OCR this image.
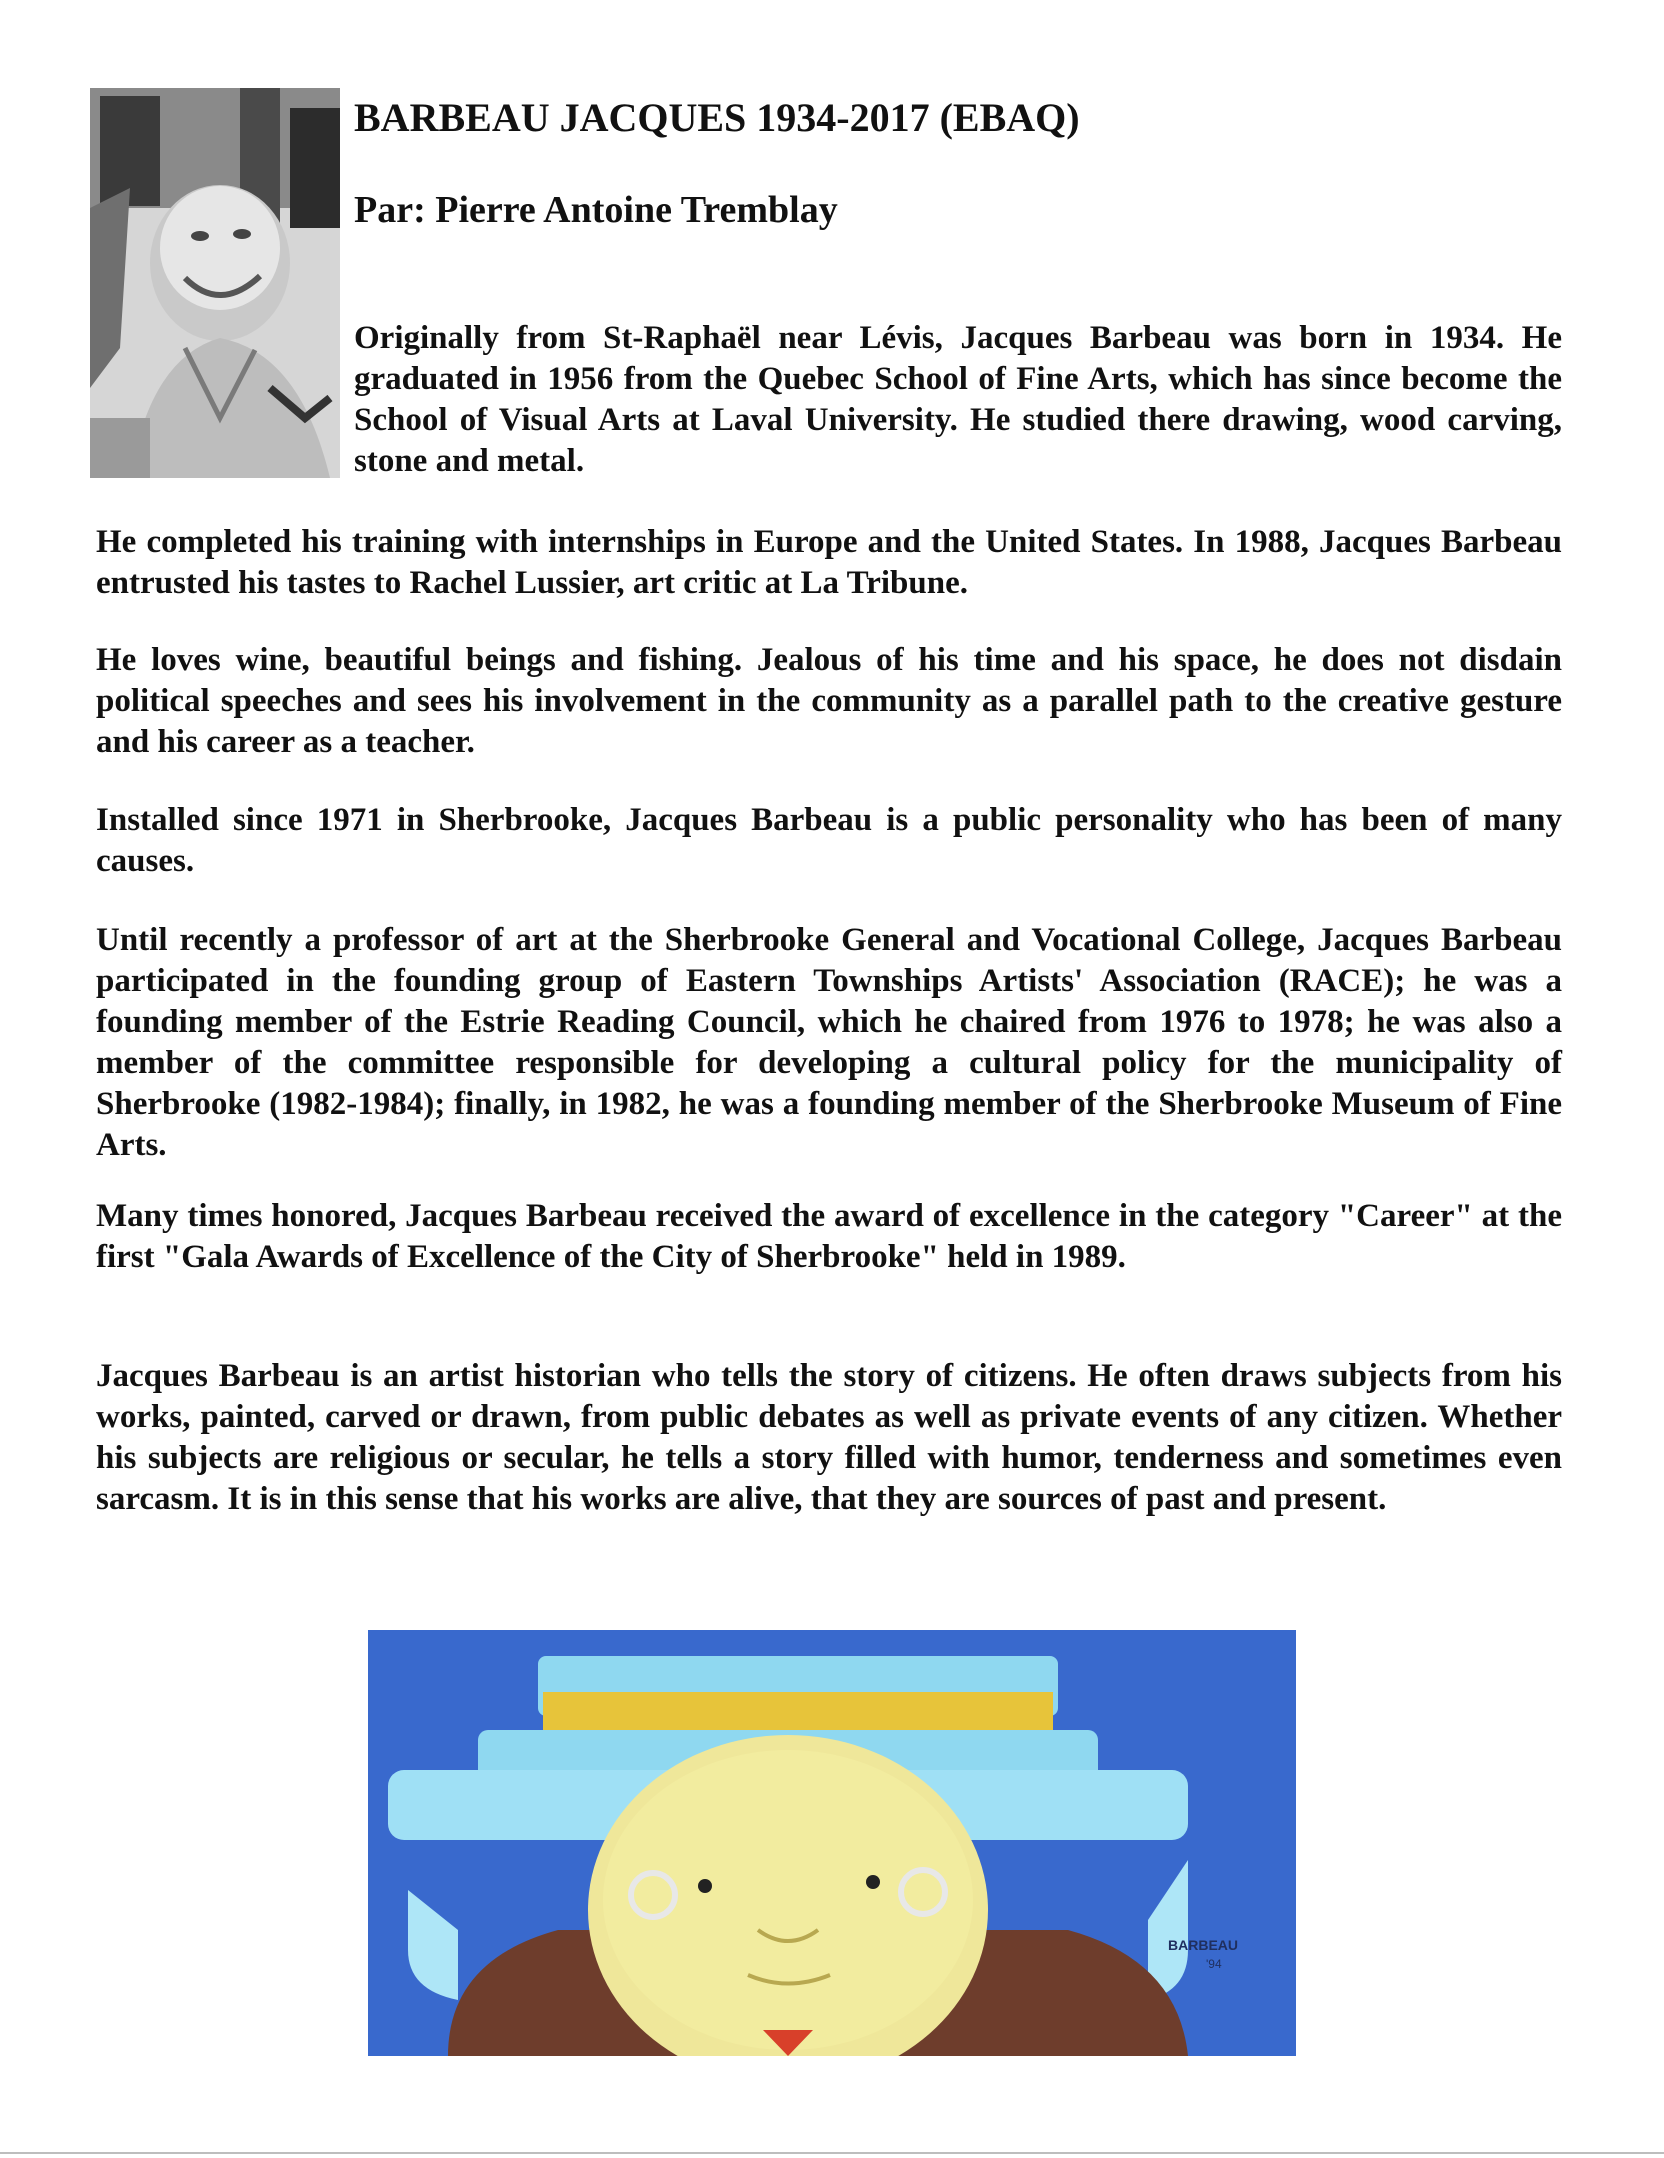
BARBEAU JACQUES 1934-2017 (EBAQ)
Par: Pierre Antoine Tremblay

Originally from St-Raphaël near Lévis, Jacques Barbeau was born in 1934. He graduated in 1956 from the Quebec School of Fine Arts, which has since become the School of Visual Arts at Laval University. He studied there drawing, wood carving, stone and metal.

He completed his training with internships in Europe and the United States. In 1988, Jacques Barbeau entrusted his tastes to Rachel Lussier, art critic at La Tribune.

He loves wine, beautiful beings and fishing. Jealous of his time and his space, he does not disdain political speeches and sees his involvement in the community as a parallel path to the creative gesture and his career as a teacher.

Installed since 1971 in Sherbrooke, Jacques Barbeau is a public personality who has been of many causes.

Until recently a professor of art at the Sherbrooke General and Vocational College, Jacques Barbeau participated in the founding group of Eastern Townships Artists' Association (RACE); he was a founding member of the Estrie Reading Council, which he chaired from 1976 to 1978; he was also a member of the committee responsible for developing a cultural policy for the municipality of Sherbrooke (1982-1984); finally, in 1982, he was a founding member of the Sherbrooke Museum of Fine Arts.

Many times honored, Jacques Barbeau received the award of excellence in the category "Career" at the first "Gala Awards of Excellence of the City of Sherbrooke" held in 1989.

Jacques Barbeau is an artist historian who tells the story of citizens. He often draws subjects from his works, painted, carved or drawn, from public debates as well as private events of any citizen. Whether his subjects are religious or secular, he tells a story filled with humor, tenderness and sometimes even sarcasm. It is in this sense that his works are alive, that they are sources of past and present.

BARBEAU
'94
